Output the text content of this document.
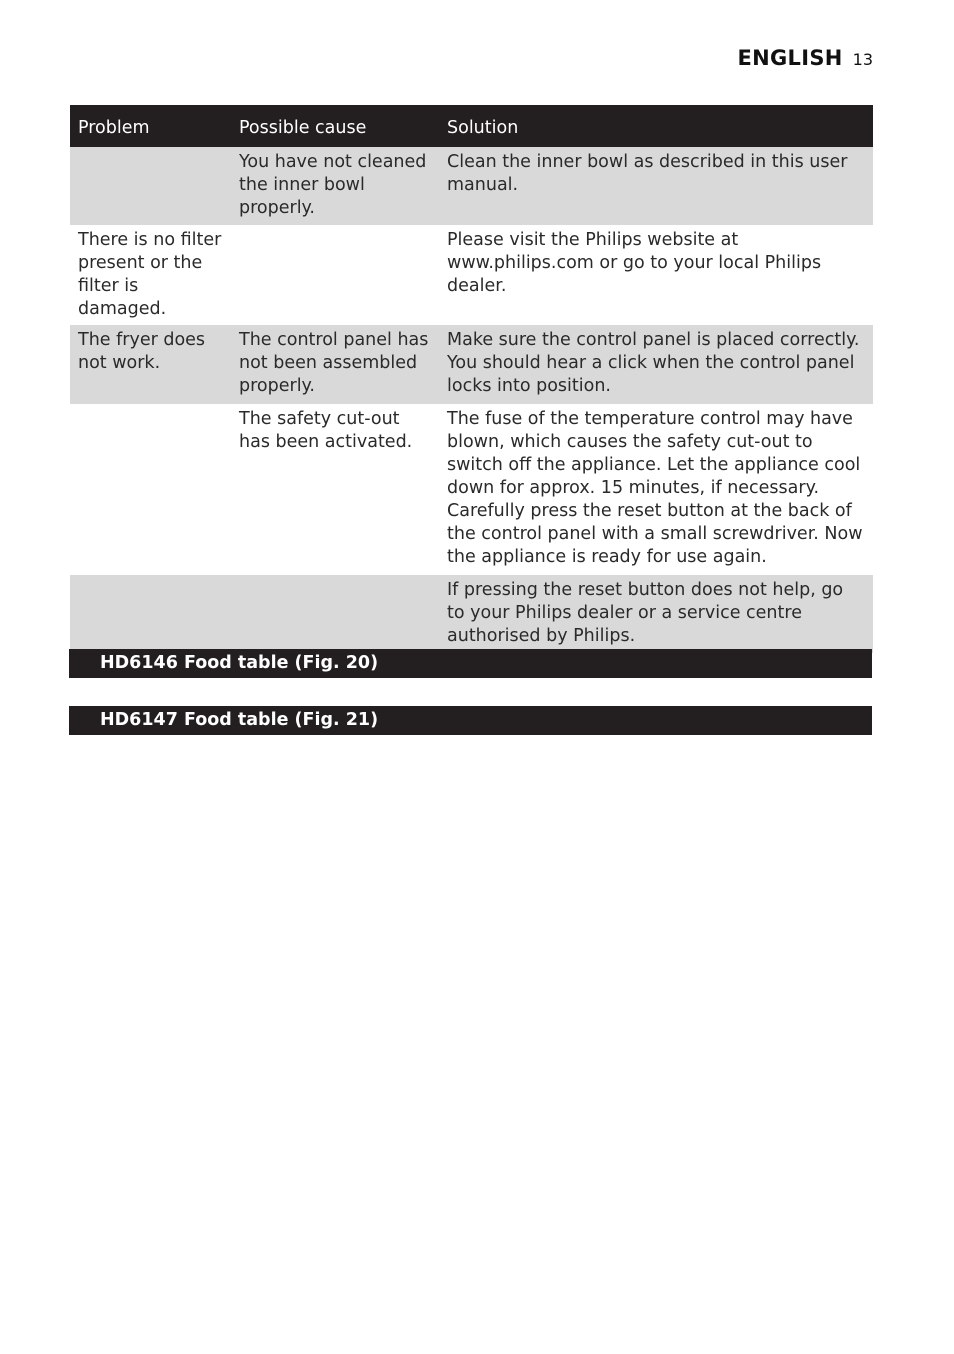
ENGLISH 13
Problem	Possible cause	Solution
	You have not cleaned the inner bowl properly.	Clean the inner bowl as described in this user manual.
There is no filter present or the filter is damaged.		Please visit the Philips website at www.philips.com or go to your local Philips dealer.
The fryer does not work.	The control panel has not been assembled properly.	Make sure the control panel is placed correctly. You should hear a click when the control panel locks into position.
	The safety cut-out has been activated.	The fuse of the temperature control may have blown, which causes the safety cut-out to switch off the appliance. Let the appliance cool down for approx. 15 minutes, if necessary. Carefully press the reset button at the back of the control panel with a small screwdriver. Now the appliance is ready for use again.
		If pressing the reset button does not help, go to your Philips dealer or a service centre authorised by Philips.
HD6146 Food table (Fig. 20)
HD6147 Food table (Fig. 21)
